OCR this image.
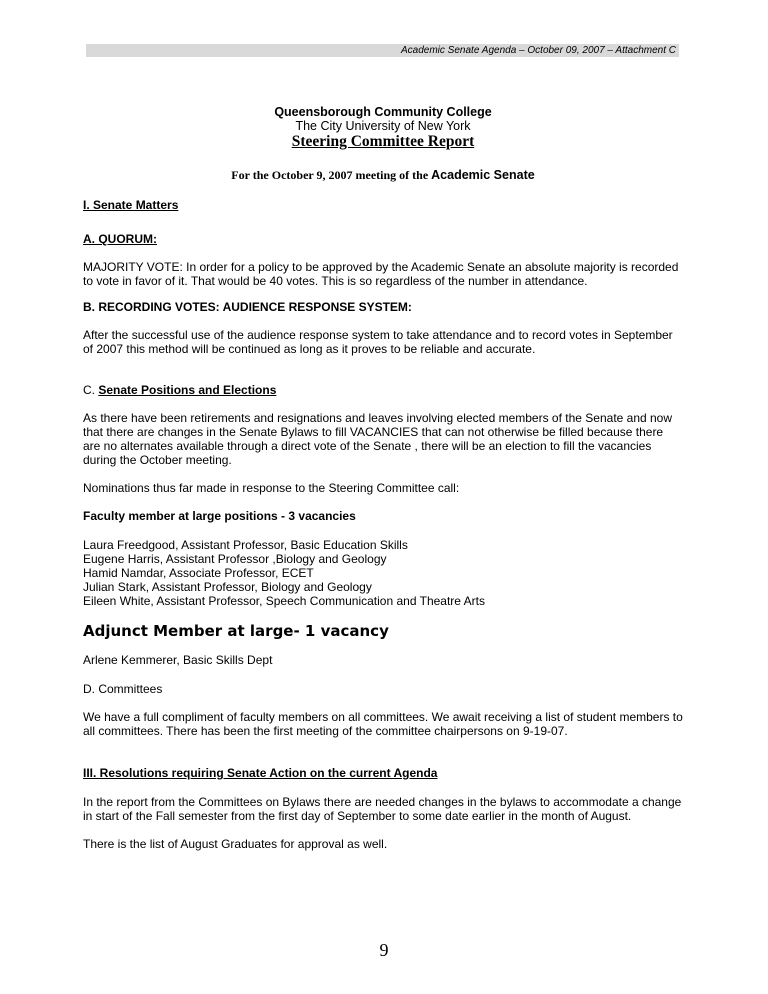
Academic Senate Agenda – October 09, 2007 – Attachment C
Queensborough Community College
The City University of New York
Steering Committee Report
For the October 9, 2007 meeting of the Academic Senate

I. Senate Matters

A. QUORUM:

MAJORITY VOTE: In order for a policy to be approved by the Academic Senate an absolute majority is recorded to vote in favor of it. That would be 40 votes. This is so regardless of the number in attendance.

B. RECORDING VOTES: AUDIENCE RESPONSE SYSTEM:

After the successful use of the audience response system to take attendance and to record votes in September of 2007 this method will be continued as long as it proves to be reliable and accurate.

C. Senate Positions and Elections

As there have been retirements and resignations and leaves involving elected members of the Senate and now that there are changes in the Senate Bylaws to fill VACANCIES that can not otherwise be filled because there are no alternates available through a direct vote of the Senate , there will be an election to fill the vacancies during the October meeting.

Nominations thus far made in response to the Steering Committee call:

Faculty member at large positions - 3 vacancies

Laura Freedgood, Assistant Professor, Basic Education Skills
Eugene Harris, Assistant Professor ,Biology and Geology
Hamid Namdar, Associate Professor, ECET
Julian Stark, Assistant Professor, Biology and Geology
Eileen White, Assistant Professor, Speech Communication and Theatre Arts

Adjunct Member at large- 1 vacancy

Arlene Kemmerer, Basic Skills Dept

D. Committees

We have a full compliment of faculty members on all committees. We await receiving a list of student members to all committees. There has been the first meeting of the committee chairpersons on 9-19-07.

III. Resolutions requiring Senate Action on the current Agenda

In the report from the Committees on Bylaws there are needed changes in the bylaws to accommodate a change in start of the Fall semester from the first day of September to some date earlier in the month of August.

There is the list of August Graduates for approval as well.

9
